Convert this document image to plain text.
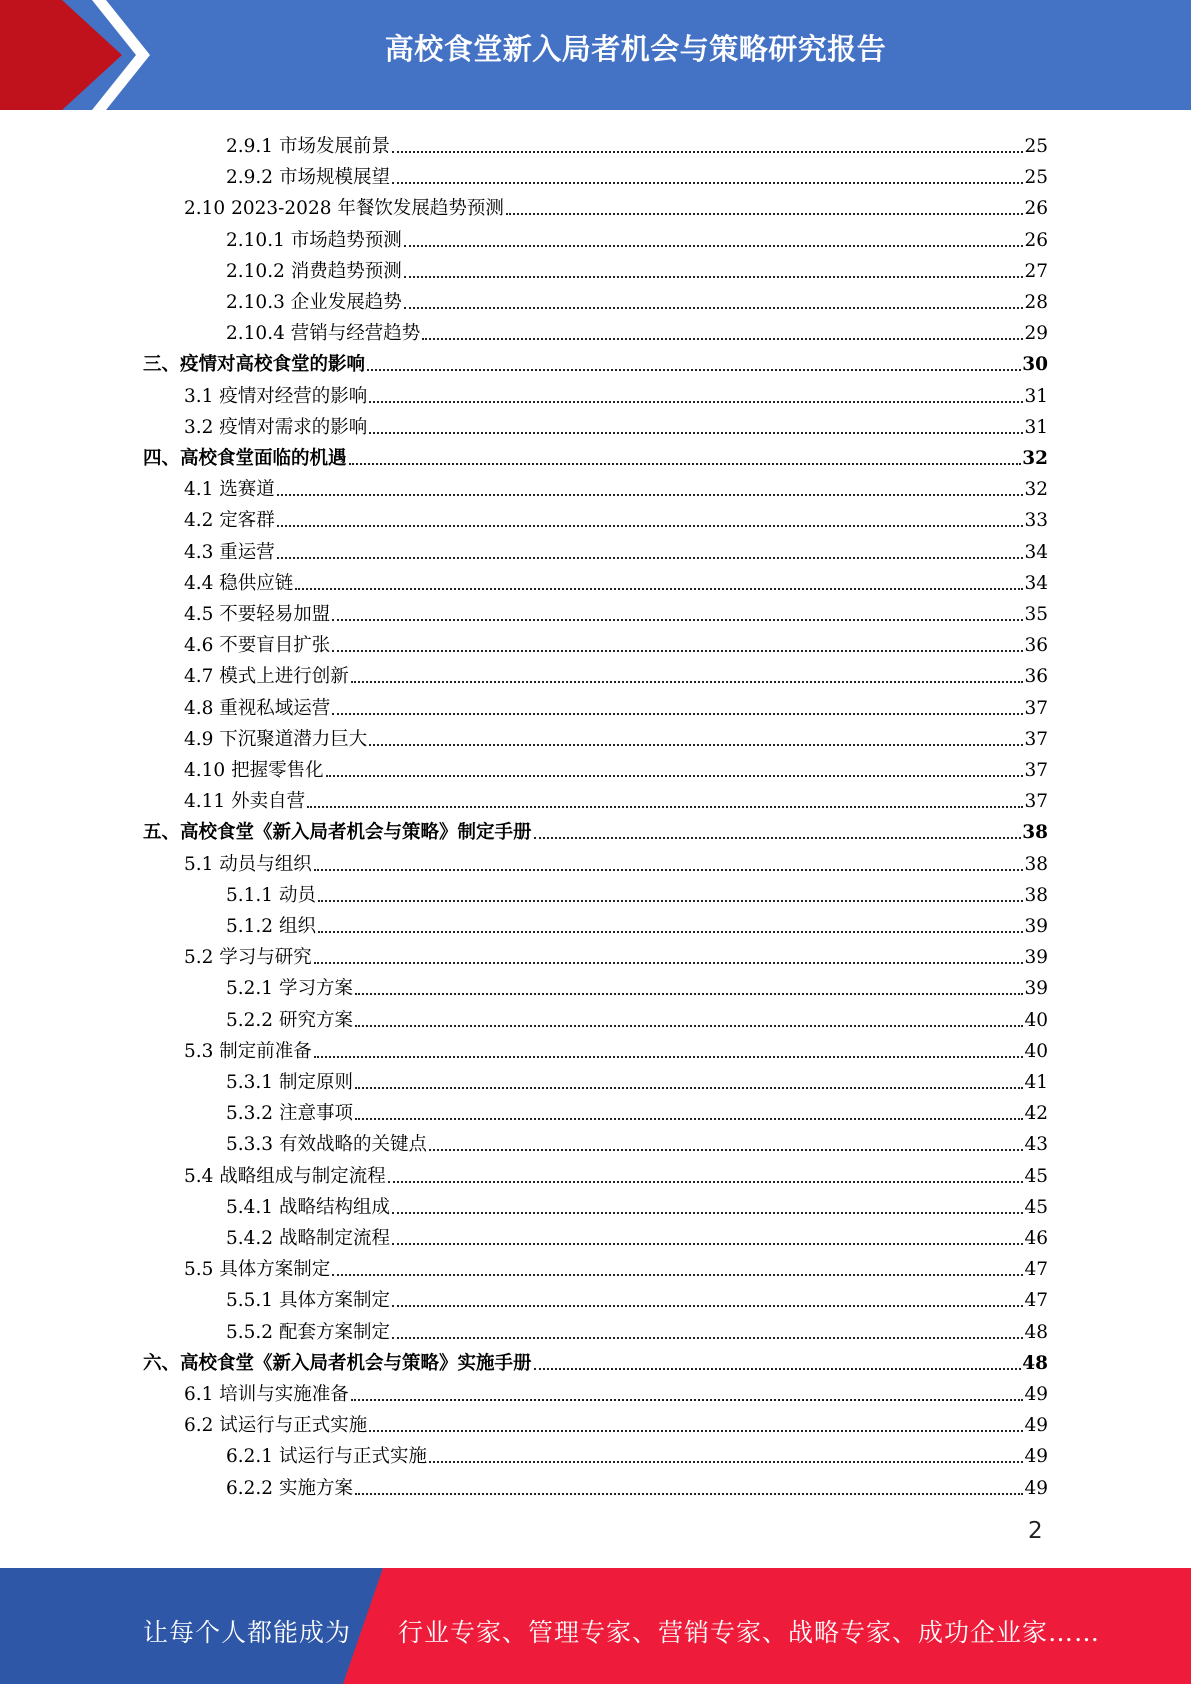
高校食堂新入局者机会与策略研究报告
2.9.1 市场发展前景	25
2.9.2 市场规模展望	25
2.10 2023-2028 年餐饮发展趋势预测	26
2.10.1 市场趋势预测	26
2.10.2 消费趋势预测	27
2.10.3 企业发展趋势	28
2.10.4 营销与经营趋势	29
三、疫情对高校食堂的影响	30
3.1 疫情对经营的影响	31
3.2 疫情对需求的影响	31
四、高校食堂面临的机遇	32
4.1 选赛道	32
4.2 定客群	33
4.3 重运营	34
4.4 稳供应链	34
4.5 不要轻易加盟	35
4.6 不要盲目扩张	36
4.7 模式上进行创新	36
4.8 重视私域运营	37
4.9 下沉聚道潜力巨大	37
4.10 把握零售化	37
4.11 外卖自营	37
五、高校食堂《新入局者机会与策略》制定手册	38
5.1 动员与组织	38
5.1.1 动员	38
5.1.2 组织	39
5.2 学习与研究	39
5.2.1 学习方案	39
5.2.2 研究方案	40
5.3 制定前准备	40
5.3.1 制定原则	41
5.3.2 注意事项	42
5.3.3 有效战略的关键点	43
5.4 战略组成与制定流程	45
5.4.1 战略结构组成	45
5.4.2 战略制定流程	46
5.5 具体方案制定	47
5.5.1 具体方案制定	47
5.5.2 配套方案制定	48
六、高校食堂《新入局者机会与策略》实施手册	48
6.1 培训与实施准备	49
6.2 试运行与正式实施	49
6.2.1 试运行与正式实施	49
6.2.2 实施方案	49
2
让每个人都能成为 行业专家、管理专家、营销专家、战略专家、成功企业家……
